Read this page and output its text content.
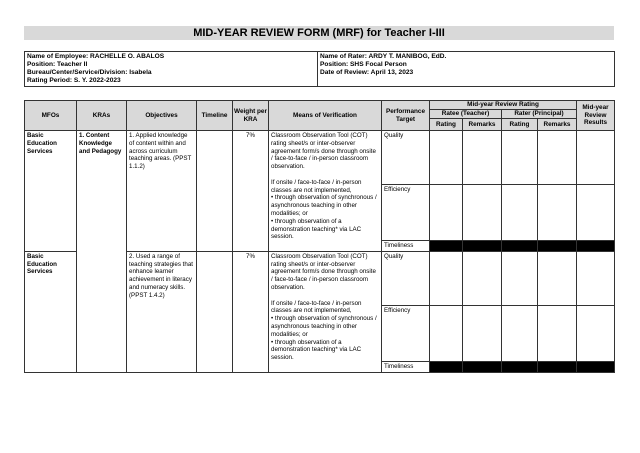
MID-YEAR REVIEW FORM (MRF) for Teacher I-III
Name of Employee: RACHELLE O. ABALOS
Position: Teacher II
Bureau/Center/Service/Division: Isabela
Rating Period: S. Y. 2022-2023

Name of Rater: ARDY T. MANIBOG, EdD.
Position: SHS Focal Person
Date of Review: April 13, 2023
MFOs	KRAs	Objectives	Timeline	Weight per KRA	Means of Verification	Performance Target	Mid-year Review Rating				Mid-year Review Results
							Ratee (Teacher)		Rater (Principal)		
							Rating	Remarks	Rating	Remarks	
Basic Education Services	1. Content Knowledge and Pedagogy	1. Applied knowledge of content within and across curriculum teaching areas. (PPST 1.1.2)		7%	Classroom Observation Tool (COT) rating sheet/s or inter-observer agreement form/s done through onsite / face-to-face / in-person classroom observation.

If onsite / face-to-face / in-person classes are not implemented,
• through observation of synchronous / asynchronous teaching in other modalities; or
• through observation of a demonstration teaching* via LAC session.	Quality					
						Efficiency					
						Timeliness					
Basic Education Services		2. Used a range of teaching strategies that enhance learner achievement in literacy and numeracy skills. (PPST 1.4.2)		7%	Classroom Observation Tool (COT) rating sheet/s or inter-observer agreement form/s done through onsite / face-to-face / in-person classroom observation.

If onsite / face-to-face / in-person classes are not implemented,
• through observation of synchronous / asynchronous teaching in other modalities; or
• through observation of a demonstration teaching* via LAC session.	Quality					
						Efficiency					
						Timeliness					
